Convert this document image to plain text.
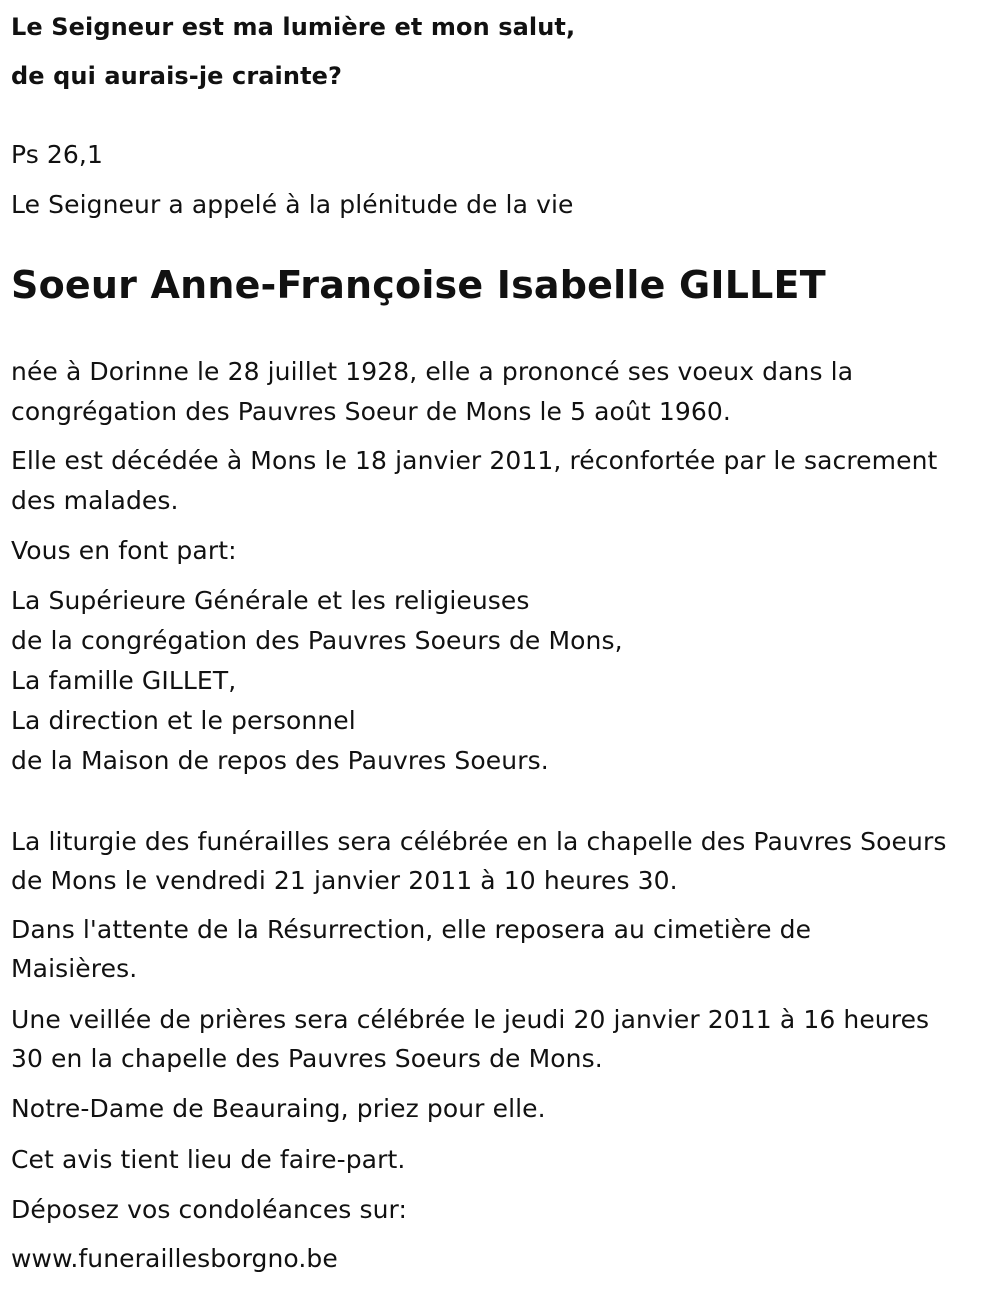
Le Seigneur est ma lumière et mon salut,
de qui aurais-je crainte?
Ps 26,1
Le Seigneur a appelé à la plénitude de la vie
Soeur Anne-Françoise Isabelle GILLET
née à Dorinne le 28 juillet 1928, elle a prononcé ses voeux dans la
congrégation des Pauvres Soeur de Mons le 5 août 1960.
Elle est décédée à Mons le 18 janvier 2011, réconfortée par le sacrement
des malades.
Vous en font part:
La Supérieure Générale et les religieuses
de la congrégation des Pauvres Soeurs de Mons,
La famille GILLET,
La direction et le personnel
de la Maison de repos des Pauvres Soeurs.
La liturgie des funérailles sera célébrée en la chapelle des Pauvres Soeurs
de Mons le vendredi 21 janvier 2011 à 10 heures 30.
Dans l'attente de la Résurrection, elle reposera au cimetière de
Maisières.
Une veillée de prières sera célébrée le jeudi 20 janvier 2011 à 16 heures
30 en la chapelle des Pauvres Soeurs de Mons.
Notre-Dame de Beauraing, priez pour elle.
Cet avis tient lieu de faire-part.
Déposez vos condoléances sur:
www.funeraillesborgno.be
